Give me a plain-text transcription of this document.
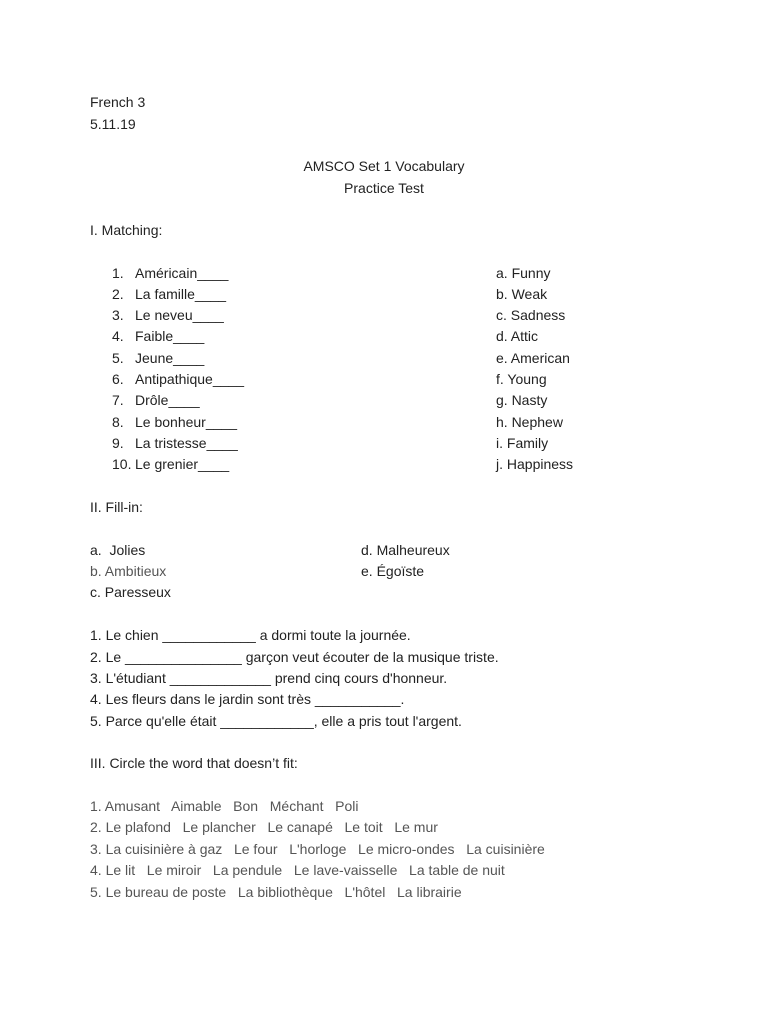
French 3
5.11.19
AMSCO Set 1 Vocabulary
Practice Test
I. Matching:
1. Américain____	a. Funny
2. La famille____	b. Weak
3. Le neveu____	c. Sadness
4. Faible____	d. Attic
5. Jeune____	e. American
6. Antipathique____	f. Young
7. Drôle____	g. Nasty
8. Le bonheur____	h. Nephew
9. La tristesse____	i. Family
10. Le grenier____	j. Happiness
II. Fill-in:
a.  Jolies	d. Malheureux
b. Ambitieux	e. Égoïste
c. Paresseux
1. Le chien ____________ a dormi toute la journée.
2. Le _______________ garçon veut écouter de la musique triste.
3. L'étudiant _____________ prend cinq cours d'honneur.
4. Les fleurs dans le jardin sont très ___________.
5. Parce qu'elle était ____________, elle a pris tout l'argent.
III. Circle the word that doesn’t fit:
1. Amusant   Aimable   Bon   Méchant   Poli
2. Le plafond   Le plancher   Le canapé   Le toit   Le mur
3. La cuisinière à gaz   Le four   L'horloge   Le micro-ondes   La cuisinière
4. Le lit   Le miroir   La pendule   Le lave-vaisselle   La table de nuit
5. Le bureau de poste   La bibliothèque   L'hôtel   La librairie
